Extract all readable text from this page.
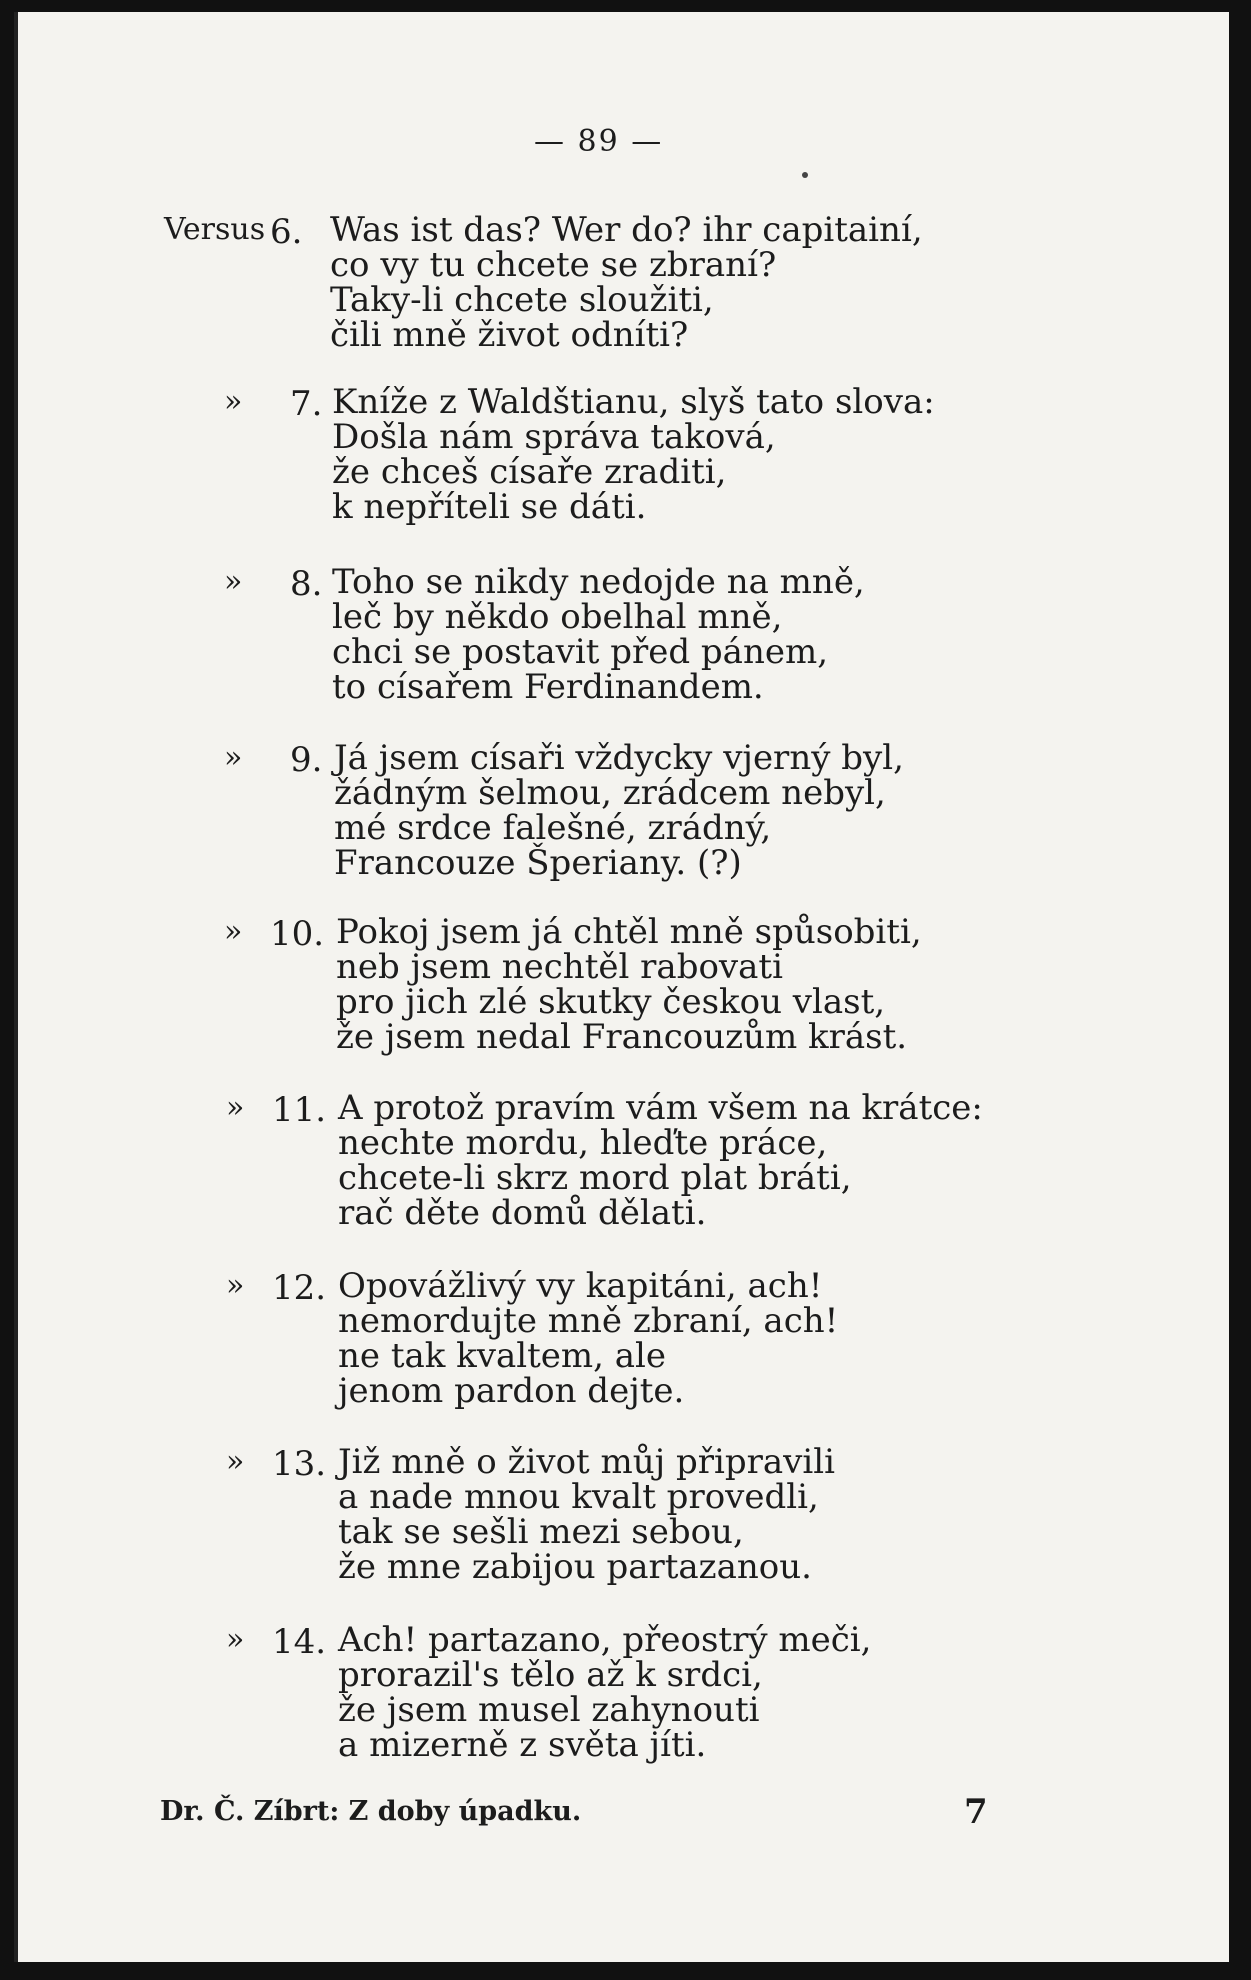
— 89 —
Versus 6. Was ist das? Wer do? ihr capitainí,
co vy tu chcete se zbraní?
Taky-li chcete sloužiti,
čili mně život odníti?
» 7. Kníže z Waldštianu, slyš tato slova:
Došla nám správa taková,
že chceš císaře zraditi,
k nepříteli se dáti.
» 8. Toho se nikdy nedojde na mně,
leč by někdo obelhal mně,
chci se postavit před pánem,
to císařem Ferdinandem.
» 9. Já jsem císaři vždycky vjerný byl,
žádným šelmou, zrádcem nebyl,
mé srdce falešné, zrádný,
Francouze Šperiany. (?)
» 10. Pokoj jsem já chtěl mně spůsobiti,
neb jsem nechtěl rabovati
pro jich zlé skutky českou vlast,
že jsem nedal Francouzům krást.
» 11. A protož pravím vám všem na krátce:
nechte mordu, hleďte práce,
chcete-li skrz mord plat bráti,
rač děte domů dělati.
» 12. Opovážlivý vy kapitáni, ach!
nemordujte mně zbraní, ach!
ne tak kvaltem, ale
jenom pardon dejte.
» 13. Již mně o život můj připravili
a nade mnou kvalt provedli,
tak se sešli mezi sebou,
že mne zabijou partazanou.
» 14. Ach! partazano, přeostrý meči,
prorazil's tělo až k srdci,
že jsem musel zahynouti
a mizerně z světa jíti.
Dr. Č. Zíbrt: Z doby úpadku.	7
